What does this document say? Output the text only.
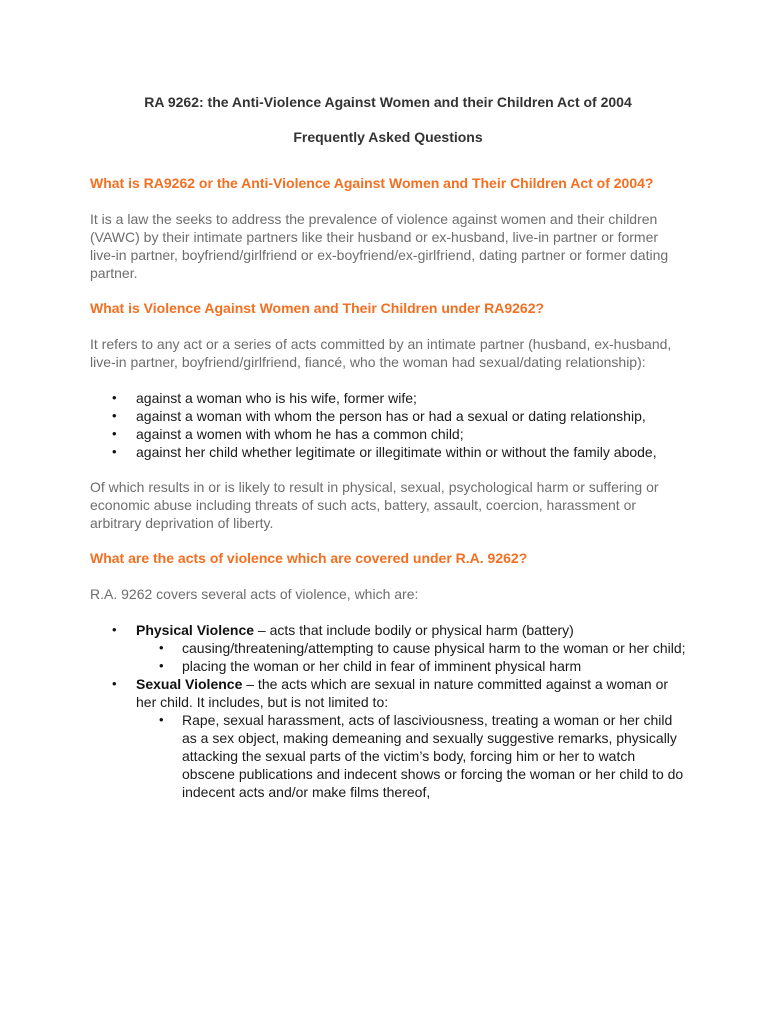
RA 9262: the Anti-Violence Against Women and their Children Act of 2004

Frequently Asked Questions

What is RA9262 or the Anti-Violence Against Women and Their Children Act of 2004?

It is a law the seeks to address the prevalence of violence against women and their children (VAWC) by their intimate partners like their husband or ex-husband, live-in partner or former live-in partner, boyfriend/girlfriend or ex-boyfriend/ex-girlfriend, dating partner or former dating partner.

What is Violence Against Women and Their Children under RA9262?

It refers to any act or a series of acts committed by an intimate partner (husband, ex-husband, live-in partner, boyfriend/girlfriend, fiancé, who the woman had sexual/dating relationship):

• against a woman who is his wife, former wife;
• against a woman with whom the person has or had a sexual or dating relationship,
• against a women with whom he has a common child;
• against her child whether legitimate or illegitimate within or without the family abode,

Of which results in or is likely to result in physical, sexual, psychological harm or suffering or economic abuse including threats of such acts, battery, assault, coercion, harassment or arbitrary deprivation of liberty.

What are the acts of violence which are covered under R.A. 9262?

R.A. 9262 covers several acts of violence, which are:

• Physical Violence – acts that include bodily or physical harm (battery)
• causing/threatening/attempting to cause physical harm to the woman or her child;
• placing the woman or her child in fear of imminent physical harm
• Sexual Violence – the acts which are sexual in nature committed against a woman or her child. It includes, but is not limited to:
• Rape, sexual harassment, acts of lasciviousness, treating a woman or her child as a sex object, making demeaning and sexually suggestive remarks, physically attacking the sexual parts of the victim’s body, forcing him or her to watch obscene publications and indecent shows or forcing the woman or her child to do indecent acts and/or make films thereof,
